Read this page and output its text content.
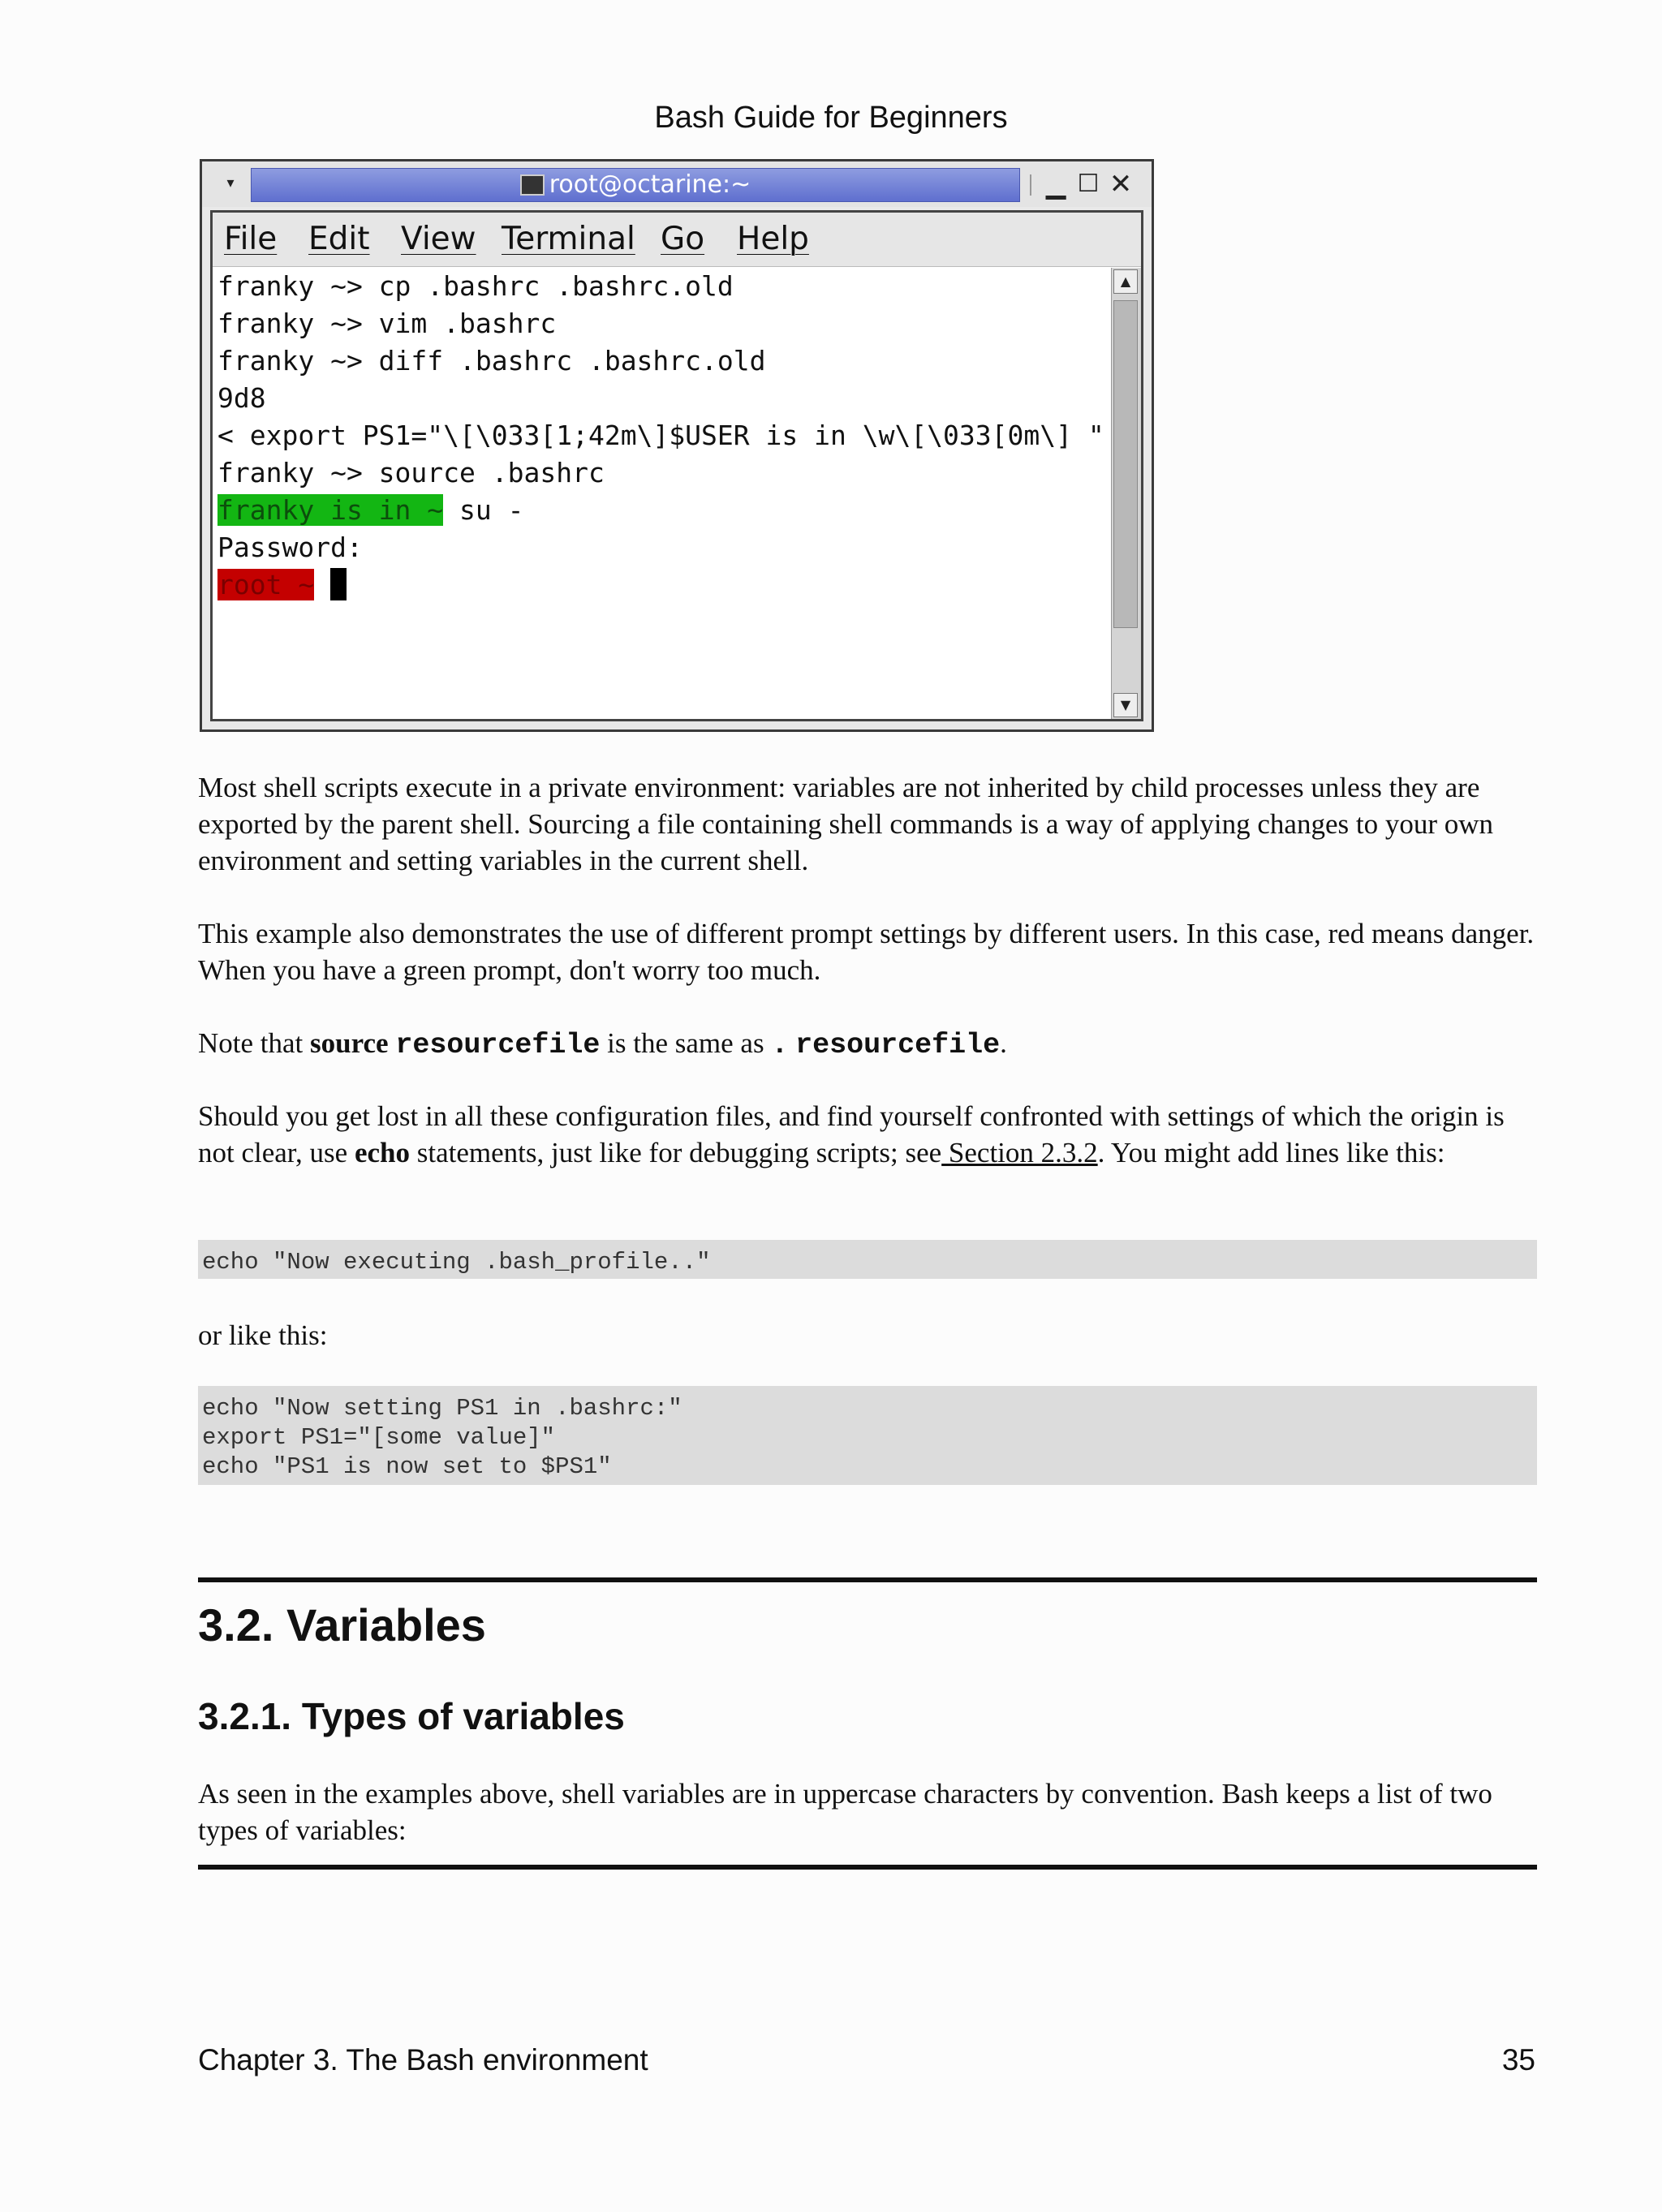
Bash Guide for Beginners
▾	root@octarine:~	▁ ☐ ✕
File Edit View Terminal Go Help
franky ~> cp .bashrc .bashrc.old
franky ~> vim .bashrc
franky ~> diff .bashrc .bashrc.old
9d8
< export PS1="\[\033[1;42m\]$USER is in \w\[\033[0m\] "
franky ~> source .bashrc
franky is in ~ su -
Password:
root ~
▲
▼
Most shell scripts execute in a private environment: variables are not inherited by child processes unless they are exported by the parent shell. Sourcing a file containing shell commands is a way of applying changes to your own environment and setting variables in the current shell.
This example also demonstrates the use of different prompt settings by different users. In this case, red means danger. When you have a green prompt, don't worry too much.
Note that source resourcefile is the same as . resourcefile.
Should you get lost in all these configuration files, and find yourself confronted with settings of which the origin is not clear, use echo statements, just like for debugging scripts; see Section 2.3.2. You might add lines like this:
echo "Now executing .bash_profile.."
or like this:
echo "Now setting PS1 in .bashrc:"
export PS1="[some value]"
echo "PS1 is now set to $PS1"
3.2. Variables
3.2.1. Types of variables
As seen in the examples above, shell variables are in uppercase characters by convention. Bash keeps a list of two types of variables:
Chapter 3. The Bash environment	35
